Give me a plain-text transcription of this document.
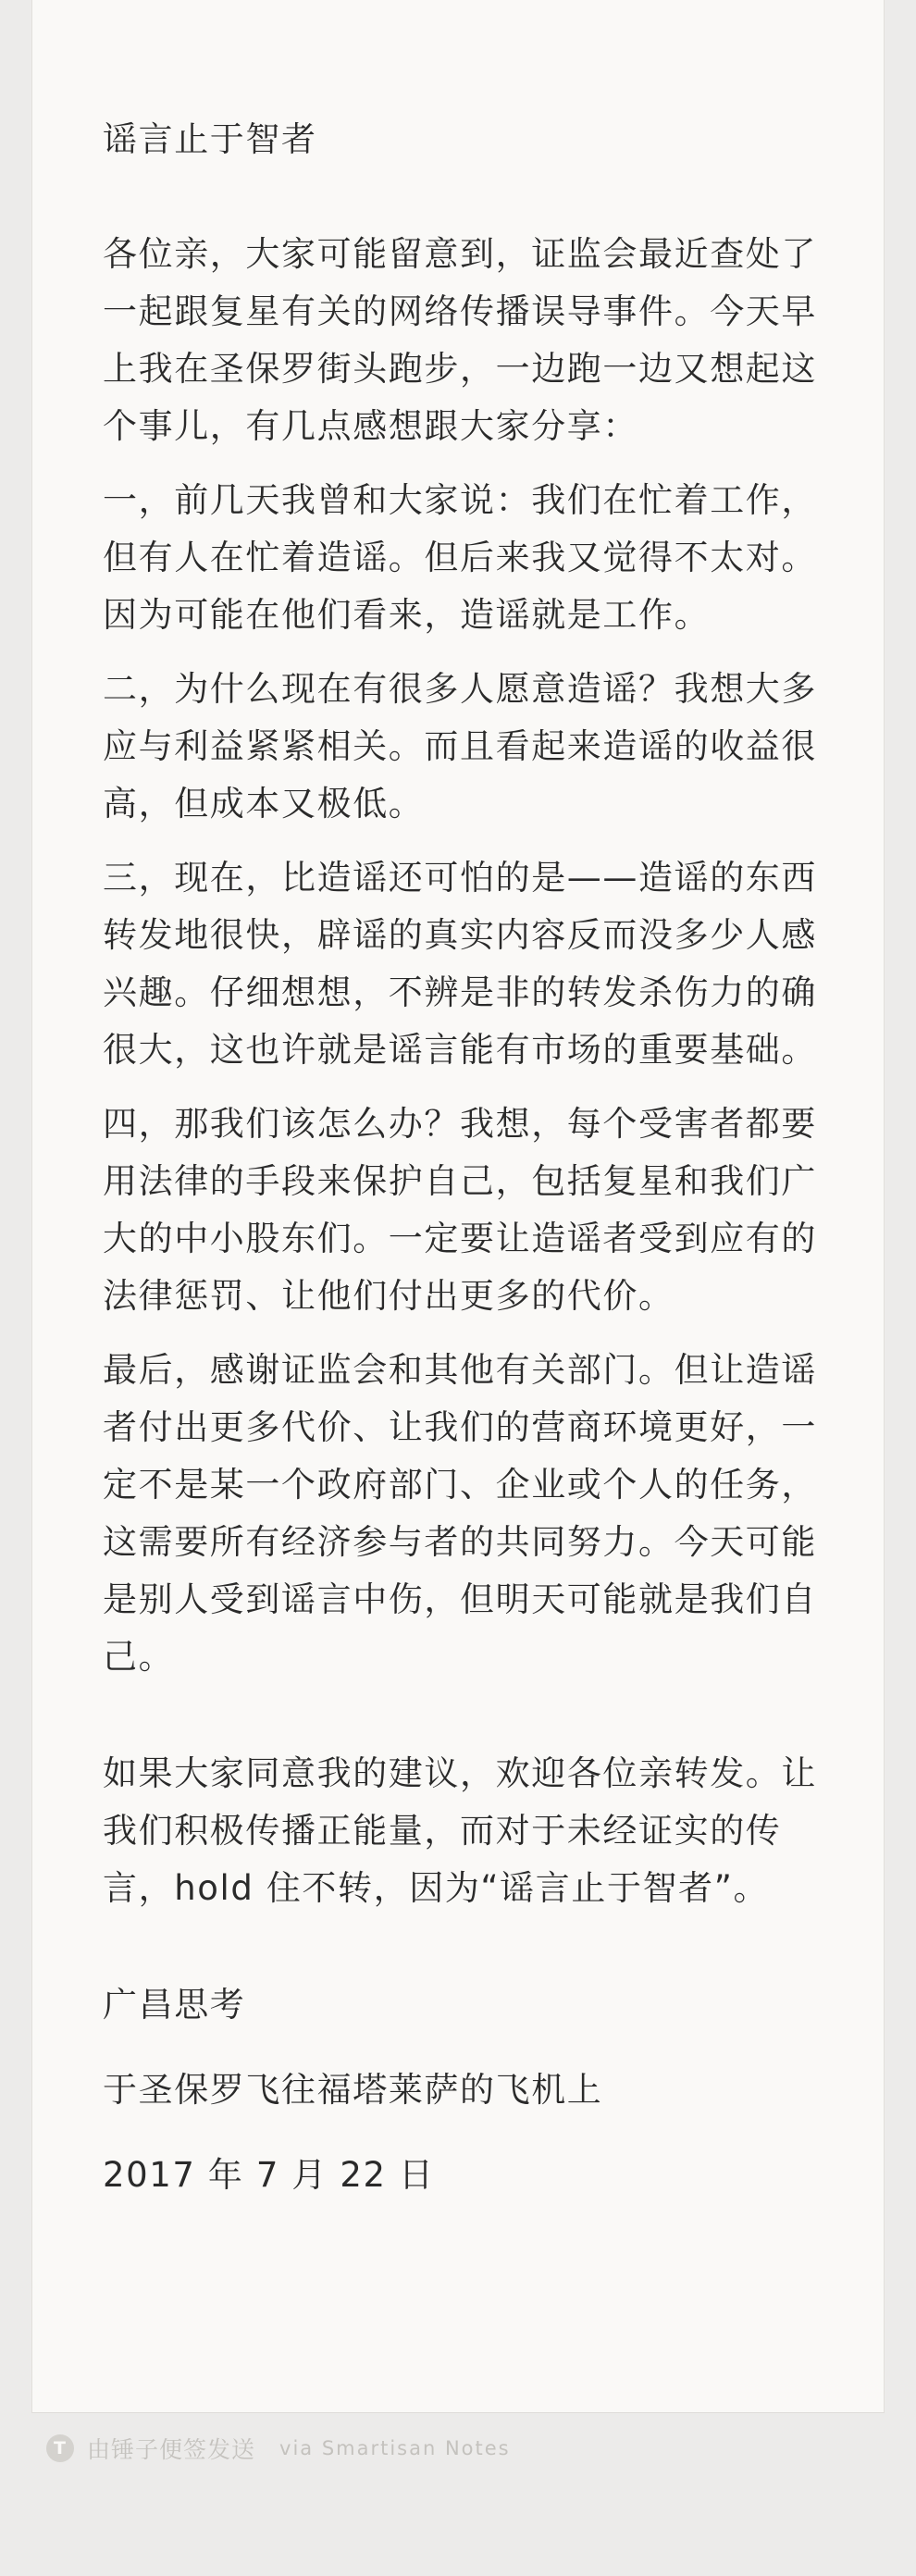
谣言止于智者

各位亲，大家可能留意到，证监会最近查处了一起跟复星有关的网络传播误导事件。今天早上我在圣保罗街头跑步，一边跑一边又想起这个事儿，有几点感想跟大家分享：

一，前几天我曾和大家说：我们在忙着工作，但有人在忙着造谣。但后来我又觉得不太对。因为可能在他们看来，造谣就是工作。

二，为什么现在有很多人愿意造谣？我想大多应与利益紧紧相关。而且看起来造谣的收益很高，但成本又极低。

三，现在，比造谣还可怕的是——造谣的东西转发地很快，辟谣的真实内容反而没多少人感兴趣。仔细想想，不辨是非的转发杀伤力的确很大，这也许就是谣言能有市场的重要基础。

四，那我们该怎么办？我想，每个受害者都要用法律的手段来保护自己，包括复星和我们广大的中小股东们。一定要让造谣者受到应有的法律惩罚、让他们付出更多的代价。

最后，感谢证监会和其他有关部门。但让造谣者付出更多代价、让我们的营商环境更好，一定不是某一个政府部门、企业或个人的任务，这需要所有经济参与者的共同努力。今天可能是别人受到谣言中伤，但明天可能就是我们自己。

如果大家同意我的建议，欢迎各位亲转发。让我们积极传播正能量，而对于未经证实的传言，hold 住不转，因为“谣言止于智者”。

广昌思考

于圣保罗飞往福塔莱萨的飞机上

2017 年 7 月 22 日

T 由锤子便签发送 via Smartisan Notes
